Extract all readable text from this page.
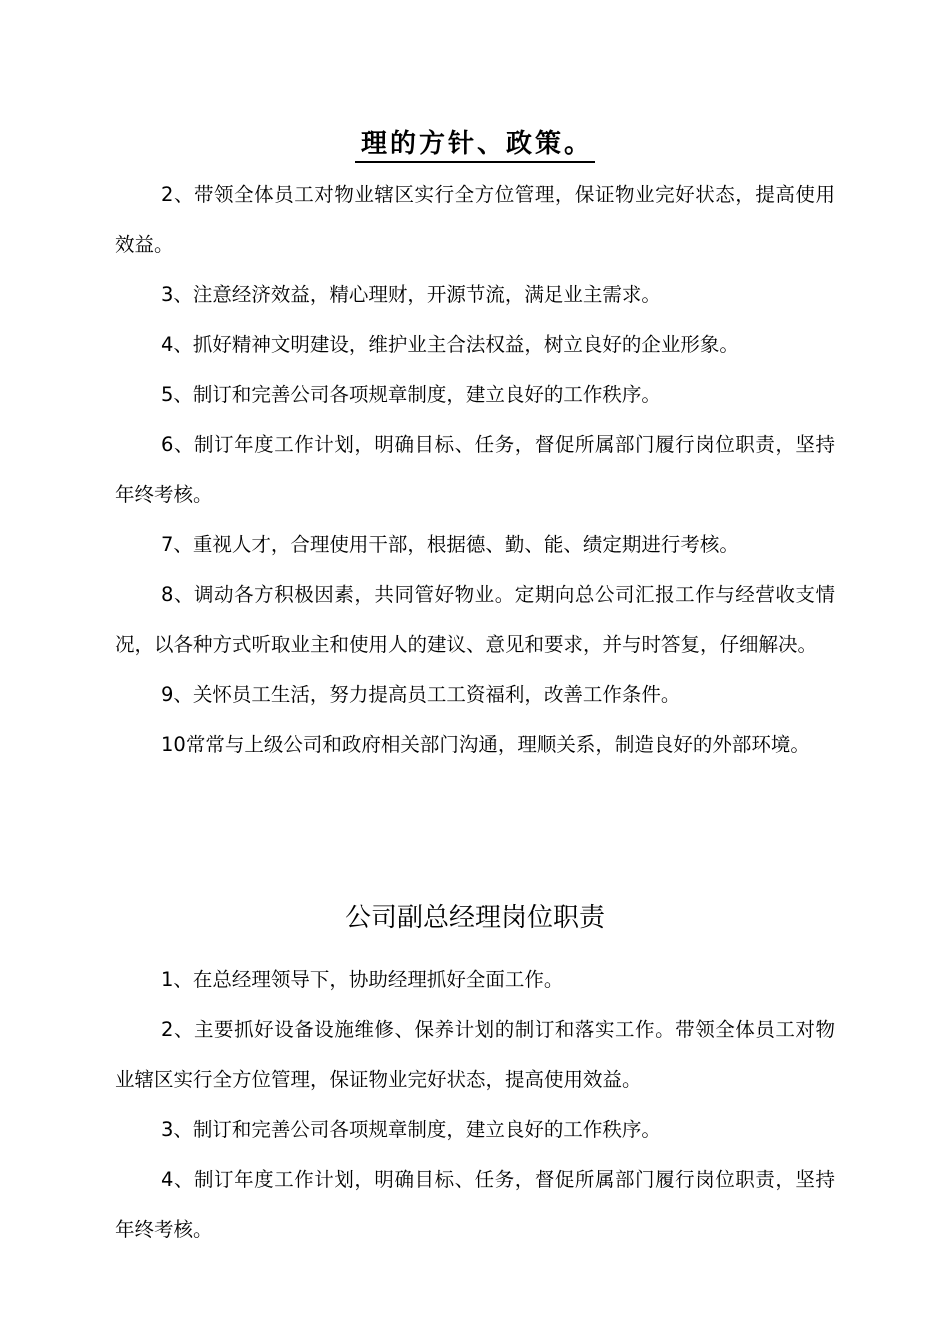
理的方针、政策。

2、带领全体员工对物业辖区实行全方位管理，保证物业完好状态，提高使用效益。

3、注意经济效益，精心理财，开源节流，满足业主需求。

4、抓好精神文明建设，维护业主合法权益，树立良好的企业形象。

5、制订和完善公司各项规章制度，建立良好的工作秩序。

6、制订年度工作计划，明确目标、任务，督促所属部门履行岗位职责，坚持年终考核。

7、重视人才，合理使用干部，根据德、勤、能、绩定期进行考核。

8、调动各方积极因素，共同管好物业。定期向总公司汇报工作与经营收支情况，以各种方式听取业主和使用人的建议、意见和要求，并与时答复，仔细解决。

9、关怀员工生活，努力提高员工工资福利，改善工作条件。

10常常与上级公司和政府相关部门沟通，理顺关系，制造良好的外部环境。

公司副总经理岗位职责

1、在总经理领导下，协助经理抓好全面工作。

2、主要抓好设备设施维修、保养计划的制订和落实工作。带领全体员工对物业辖区实行全方位管理，保证物业完好状态，提高使用效益。

3、制订和完善公司各项规章制度，建立良好的工作秩序。

4、制订年度工作计划，明确目标、任务，督促所属部门履行岗位职责，坚持年终考核。
